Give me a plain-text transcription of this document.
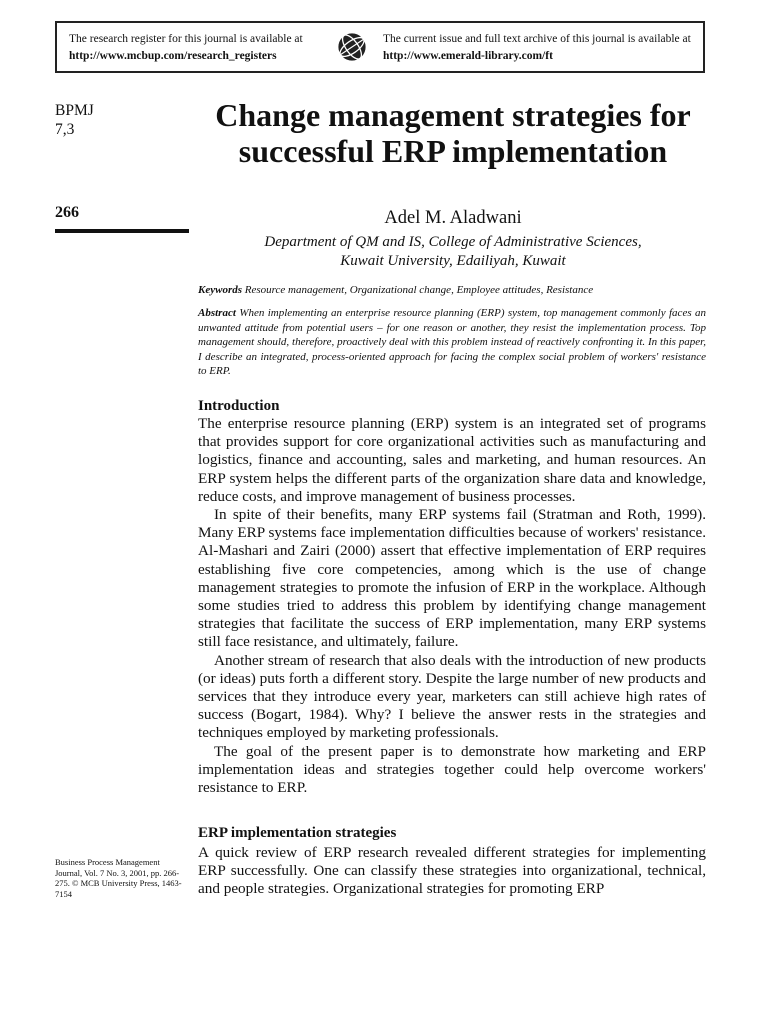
The research register for this journal is available at
http://www.mcbup.com/research_registers
The current issue and full text archive of this journal is available at
http://www.emerald-library.com/ft
BPMJ
7,3
266
Change management strategies for successful ERP implementation
Adel M. Aladwani
Department of QM and IS, College of Administrative Sciences,
Kuwait University, Edailiyah, Kuwait
Keywords Resource management, Organizational change, Employee attitudes, Resistance
Abstract When implementing an enterprise resource planning (ERP) system, top management commonly faces an unwanted attitude from potential users – for one reason or another, they resist the implementation process. Top management should, therefore, proactively deal with this problem instead of reactively confronting it. In this paper, I describe an integrated, process-oriented approach for facing the complex social problem of workers' resistance to ERP.
Introduction

The enterprise resource planning (ERP) system is an integrated set of programs that provides support for core organizational activities such as manufacturing and logistics, finance and accounting, sales and marketing, and human resources. An ERP system helps the different parts of the organization share data and knowledge, reduce costs, and improve management of business processes.

In spite of their benefits, many ERP systems fail (Stratman and Roth, 1999). Many ERP systems face implementation difficulties because of workers' resistance. Al-Mashari and Zairi (2000) assert that effective implementation of ERP requires establishing five core competencies, among which is the use of change management strategies to promote the infusion of ERP in the workplace. Although some studies tried to address this problem by identifying change management strategies that facilitate the success of ERP implementation, many ERP systems still face resistance, and ultimately, failure.

Another stream of research that also deals with the introduction of new products (or ideas) puts forth a different story. Despite the large number of new products and services that they introduce every year, marketers can still achieve high rates of success (Bogart, 1984). Why? I believe the answer rests in the strategies and techniques employed by marketing professionals.

The goal of the present paper is to demonstrate how marketing and ERP implementation ideas and strategies together could help overcome workers' resistance to ERP.

ERP implementation strategies

A quick review of ERP research revealed different strategies for implementing ERP successfully. One can classify these strategies into organizational, technical, and people strategies. Organizational strategies for promoting ERP

Business Process Management Journal, Vol. 7 No. 3, 2001, pp. 266-275. © MCB University Press, 1463-7154
